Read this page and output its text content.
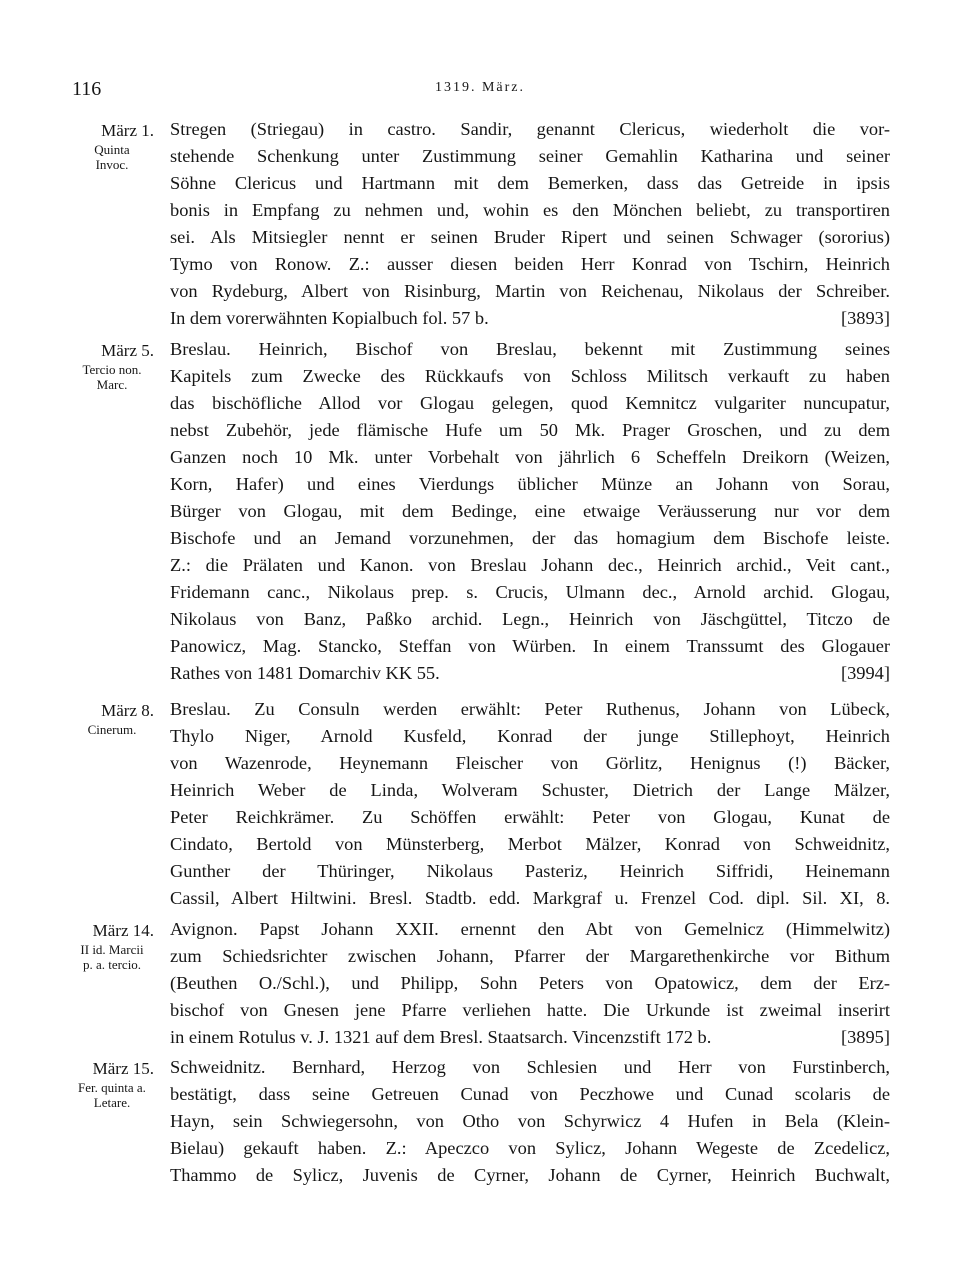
116	1319. März.
März 1.
Quinta
Invoc.
Stregen (Striegau) in castro. Sandir, genannt Clericus, wiederholt die vor-
stehende Schenkung unter Zustimmung seiner Gemahlin Katharina und seiner
Söhne Clericus und Hartmann mit dem Bemerken, dass das Getreide in ipsis
bonis in Empfang zu nehmen und, wohin es den Mönchen beliebt, zu transportiren
sei. Als Mitsiegler nennt er seinen Bruder Ripert und seinen Schwager (sororius)
Tymo von Ronow. Z.: ausser diesen beiden Herr Konrad von Tschirn, Heinrich
von Rydeburg, Albert von Risinburg, Martin von Reichenau, Nikolaus der Schreiber.
In dem vorerwähnten Kopialbuch fol. 57 b.	[3893]
März 5.
Tercio non.
Marc.
Breslau. Heinrich, Bischof von Breslau, bekennt mit Zustimmung seines
Kapitels zum Zwecke des Rückkaufs von Schloss Militsch verkauft zu haben
das bischöfliche Allod vor Glogau gelegen, quod Kemnitcz vulgariter nuncupatur,
nebst Zubehör, jede flämische Hufe um 50 Mk. Prager Groschen, und zu dem
Ganzen noch 10 Mk. unter Vorbehalt von jährlich 6 Scheffeln Dreikorn (Weizen,
Korn, Hafer) und eines Vierdungs üblicher Münze an Johann von Sorau,
Bürger von Glogau, mit dem Bedinge, eine etwaige Veräusserung nur vor dem
Bischofe und an Jemand vorzunehmen, der das homagium dem Bischofe leiste.
Z.: die Prälaten und Kanon. von Breslau Johann dec., Heinrich archid., Veit cant.,
Fridemann canc., Nikolaus prep. s. Crucis, Ulmann dec., Arnold archid. Glogau,
Nikolaus von Banz, Paßko archid. Legn., Heinrich von Jäschgüttel, Titczo de
Panowicz, Mag. Stancko, Steffan von Würben. In einem Transsumt des Glogauer
Rathes von 1481 Domarchiv KK 55.	[3994]
März 8.
Cinerum.
Breslau. Zu Consuln werden erwählt: Peter Ruthenus, Johann von Lübeck,
Thylo Niger, Arnold Kusfeld, Konrad der junge Stillephoyt, Heinrich
von Wazenrode, Heynemann Fleischer von Görlitz, Henignus (!) Bäcker,
Heinrich Weber de Linda, Wolveram Schuster, Dietrich der Lange Mälzer,
Peter Reichkrämer. Zu Schöffen erwählt: Peter von Glogau, Kunat de
Cindato, Bertold von Münsterberg, Merbot Mälzer, Konrad von Schweidnitz,
Gunther der Thüringer, Nikolaus Pasteriz, Heinrich Siffridi, Heinemann
Cassil, Albert Hiltwini. Bresl. Stadtb. edd. Markgraf u. Frenzel Cod. dipl. Sil. XI, 8.
März 14.
II id. Marcii
p. a. tercio.
Avignon. Papst Johann XXII. ernennt den Abt von Gemelnicz (Himmelwitz)
zum Schiedsrichter zwischen Johann, Pfarrer der Margarethenkirche vor Bithum
(Beuthen O./Schl.), und Philipp, Sohn Peters von Opatowicz, dem der Erz-
bischof von Gnesen jene Pfarre verliehen hatte. Die Urkunde ist zweimal inserirt
in einem Rotulus v. J. 1321 auf dem Bresl. Staatsarch. Vincenzstift 172 b.	[3895]
März 15.
Fer. quinta a.
Letare.
Schweidnitz. Bernhard, Herzog von Schlesien und Herr von Furstinberch,
bestätigt, dass seine Getreuen Cunad von Peczhowe und Cunad scolaris de
Hayn, sein Schwiegersohn, von Otho von Schyrwicz 4 Hufen in Bela (Klein-
Bielau) gekauft haben. Z.: Apeczco von Sylicz, Johann Wegeste de Zcedelicz,
Thammo de Sylicz, Juvenis de Cyrner, Johann de Cyrner, Heinrich Buchwalt,
